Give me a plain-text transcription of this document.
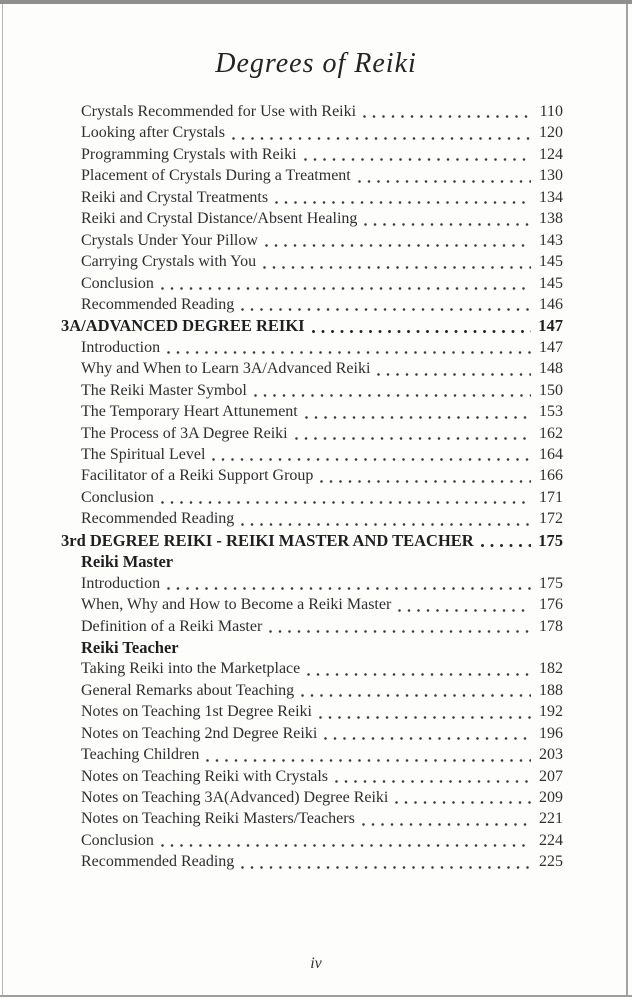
Degrees of Reiki
Crystals Recommended for Use with Reiki	110
Looking after Crystals	120
Programming Crystals with Reiki	124
Placement of Crystals During a Treatment	130
Reiki and Crystal Treatments	134
Reiki and Crystal Distance/Absent Healing	138
Crystals Under Your Pillow	143
Carrying Crystals with You	145
Conclusion	145
Recommended Reading	146
3A/ADVANCED DEGREE REIKI	147
Introduction	147
Why and When to Learn 3A/Advanced Reiki	148
The Reiki Master Symbol	150
The Temporary Heart Attunement	153
The Process of 3A Degree Reiki	162
The Spiritual Level	164
Facilitator of a Reiki Support Group	166
Conclusion	171
Recommended Reading	172
3rd DEGREE REIKI - REIKI MASTER AND TEACHER	175
Reiki Master
Introduction	175
When, Why and How to Become a Reiki Master	176
Definition of a Reiki Master	178
Reiki Teacher
Taking Reiki into the Marketplace	182
General Remarks about Teaching	188
Notes on Teaching 1st Degree Reiki	192
Notes on Teaching 2nd Degree Reiki	196
Teaching Children	203
Notes on Teaching Reiki with Crystals	207
Notes on Teaching 3A(Advanced) Degree Reiki	209
Notes on Teaching Reiki Masters/Teachers	221
Conclusion	224
Recommended Reading	225
iv
